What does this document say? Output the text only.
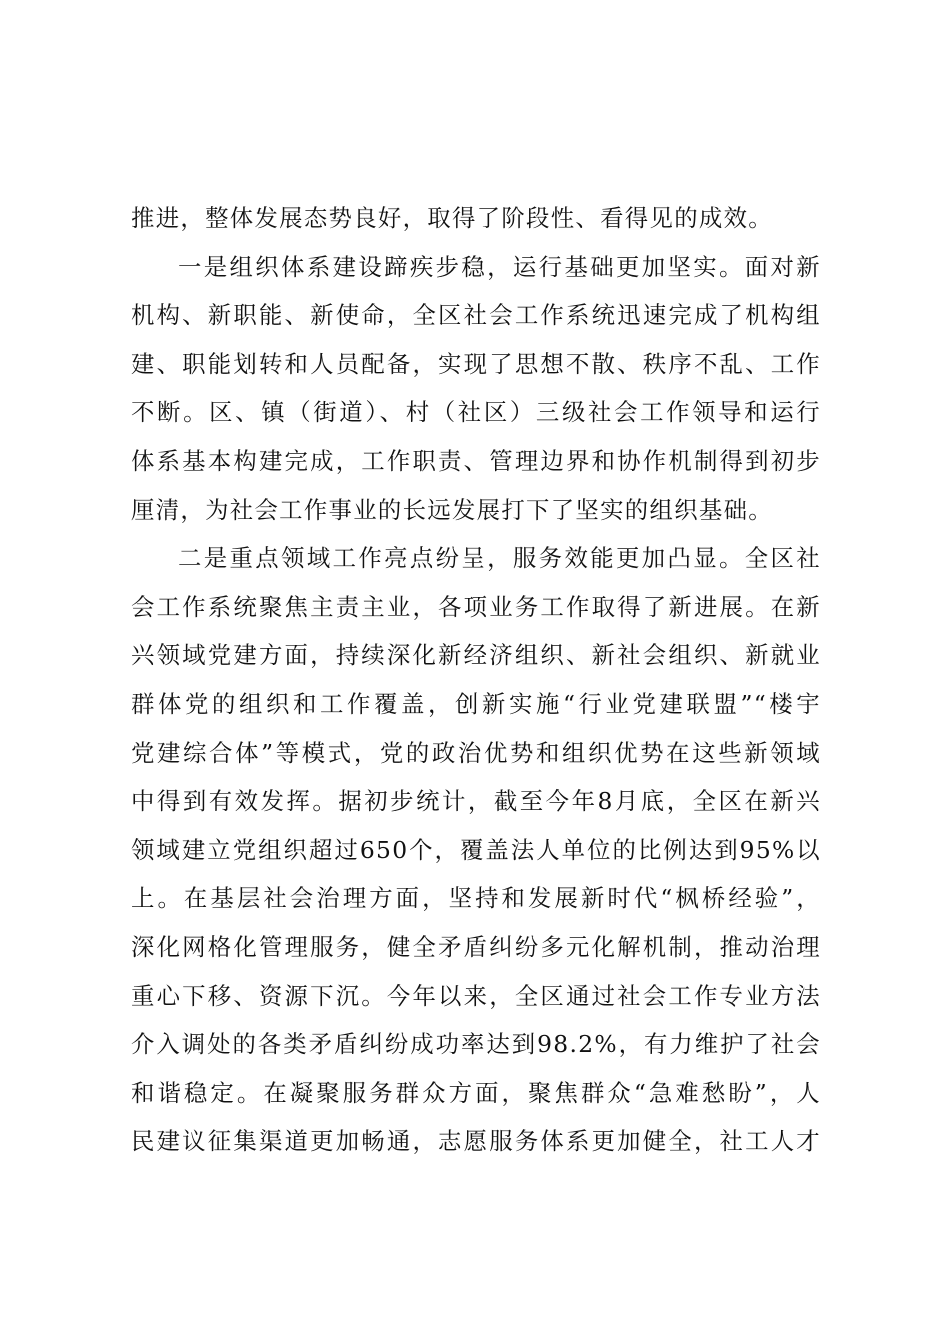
推进，整体发展态势良好，取得了阶段性、看得见的成效。
一是组织体系建设蹄疾步稳，运行基础更加坚实。面对新
机构、新职能、新使命，全区社会工作系统迅速完成了机构组
建、职能划转和人员配备，实现了思想不散、秩序不乱、工作
不断。区、镇（街道）、村（社区）三级社会工作领导和运行
体系基本构建完成，工作职责、管理边界和协作机制得到初步
厘清，为社会工作事业的长远发展打下了坚实的组织基础。
二是重点领域工作亮点纷呈，服务效能更加凸显。全区社
会工作系统聚焦主责主业，各项业务工作取得了新进展。在新
兴领域党建方面，持续深化新经济组织、新社会组织、新就业
群体党的组织和工作覆盖，创新实施“行业党建联盟”“楼宇
党建综合体”等模式，党的政治优势和组织优势在这些新领域
中得到有效发挥。据初步统计，截至今年8月底，全区在新兴
领域建立党组织超过650个，覆盖法人单位的比例达到95%以
上。在基层社会治理方面，坚持和发展新时代“枫桥经验”，
深化网格化管理服务，健全矛盾纠纷多元化解机制，推动治理
重心下移、资源下沉。今年以来，全区通过社会工作专业方法
介入调处的各类矛盾纠纷成功率达到98.2%，有力维护了社会
和谐稳定。在凝聚服务群众方面，聚焦群众“急难愁盼”，人
民建议征集渠道更加畅通，志愿服务体系更加健全，社工人才
